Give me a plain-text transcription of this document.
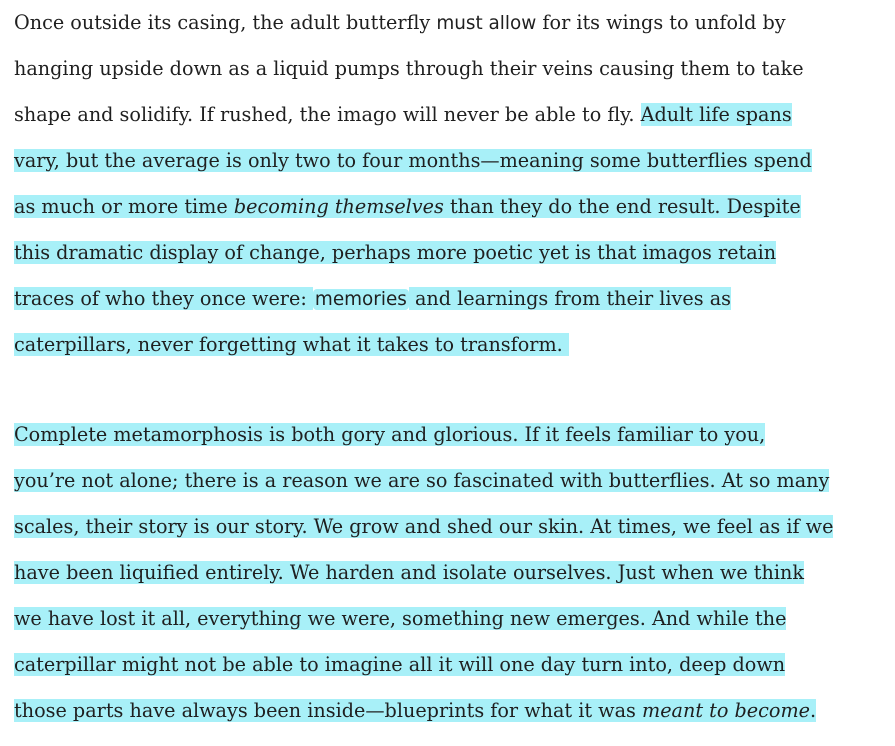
Once outside its casing, the adult butterfly must allow for its wings to unfold by
hanging upside down as a liquid pumps through their veins causing them to take
shape and solidify. If rushed, the imago will never be able to fly. Adult life spans
vary, but the average is only two to four months—meaning some butterflies spend
as much or more time becoming themselves than they do the end result. Despite
this dramatic display of change, perhaps more poetic yet is that imagos retain
traces of who they once were: memories and learnings from their lives as
caterpillars, never forgetting what it takes to transform.
Complete metamorphosis is both gory and glorious. If it feels familiar to you,
you’re not alone; there is a reason we are so fascinated with butterflies. At so many
scales, their story is our story. We grow and shed our skin. At times, we feel as if we
have been liquified entirely. We harden and isolate ourselves. Just when we think
we have lost it all, everything we were, something new emerges. And while the
caterpillar might not be able to imagine all it will one day turn into, deep down
those parts have always been inside—blueprints for what it was meant to become.
